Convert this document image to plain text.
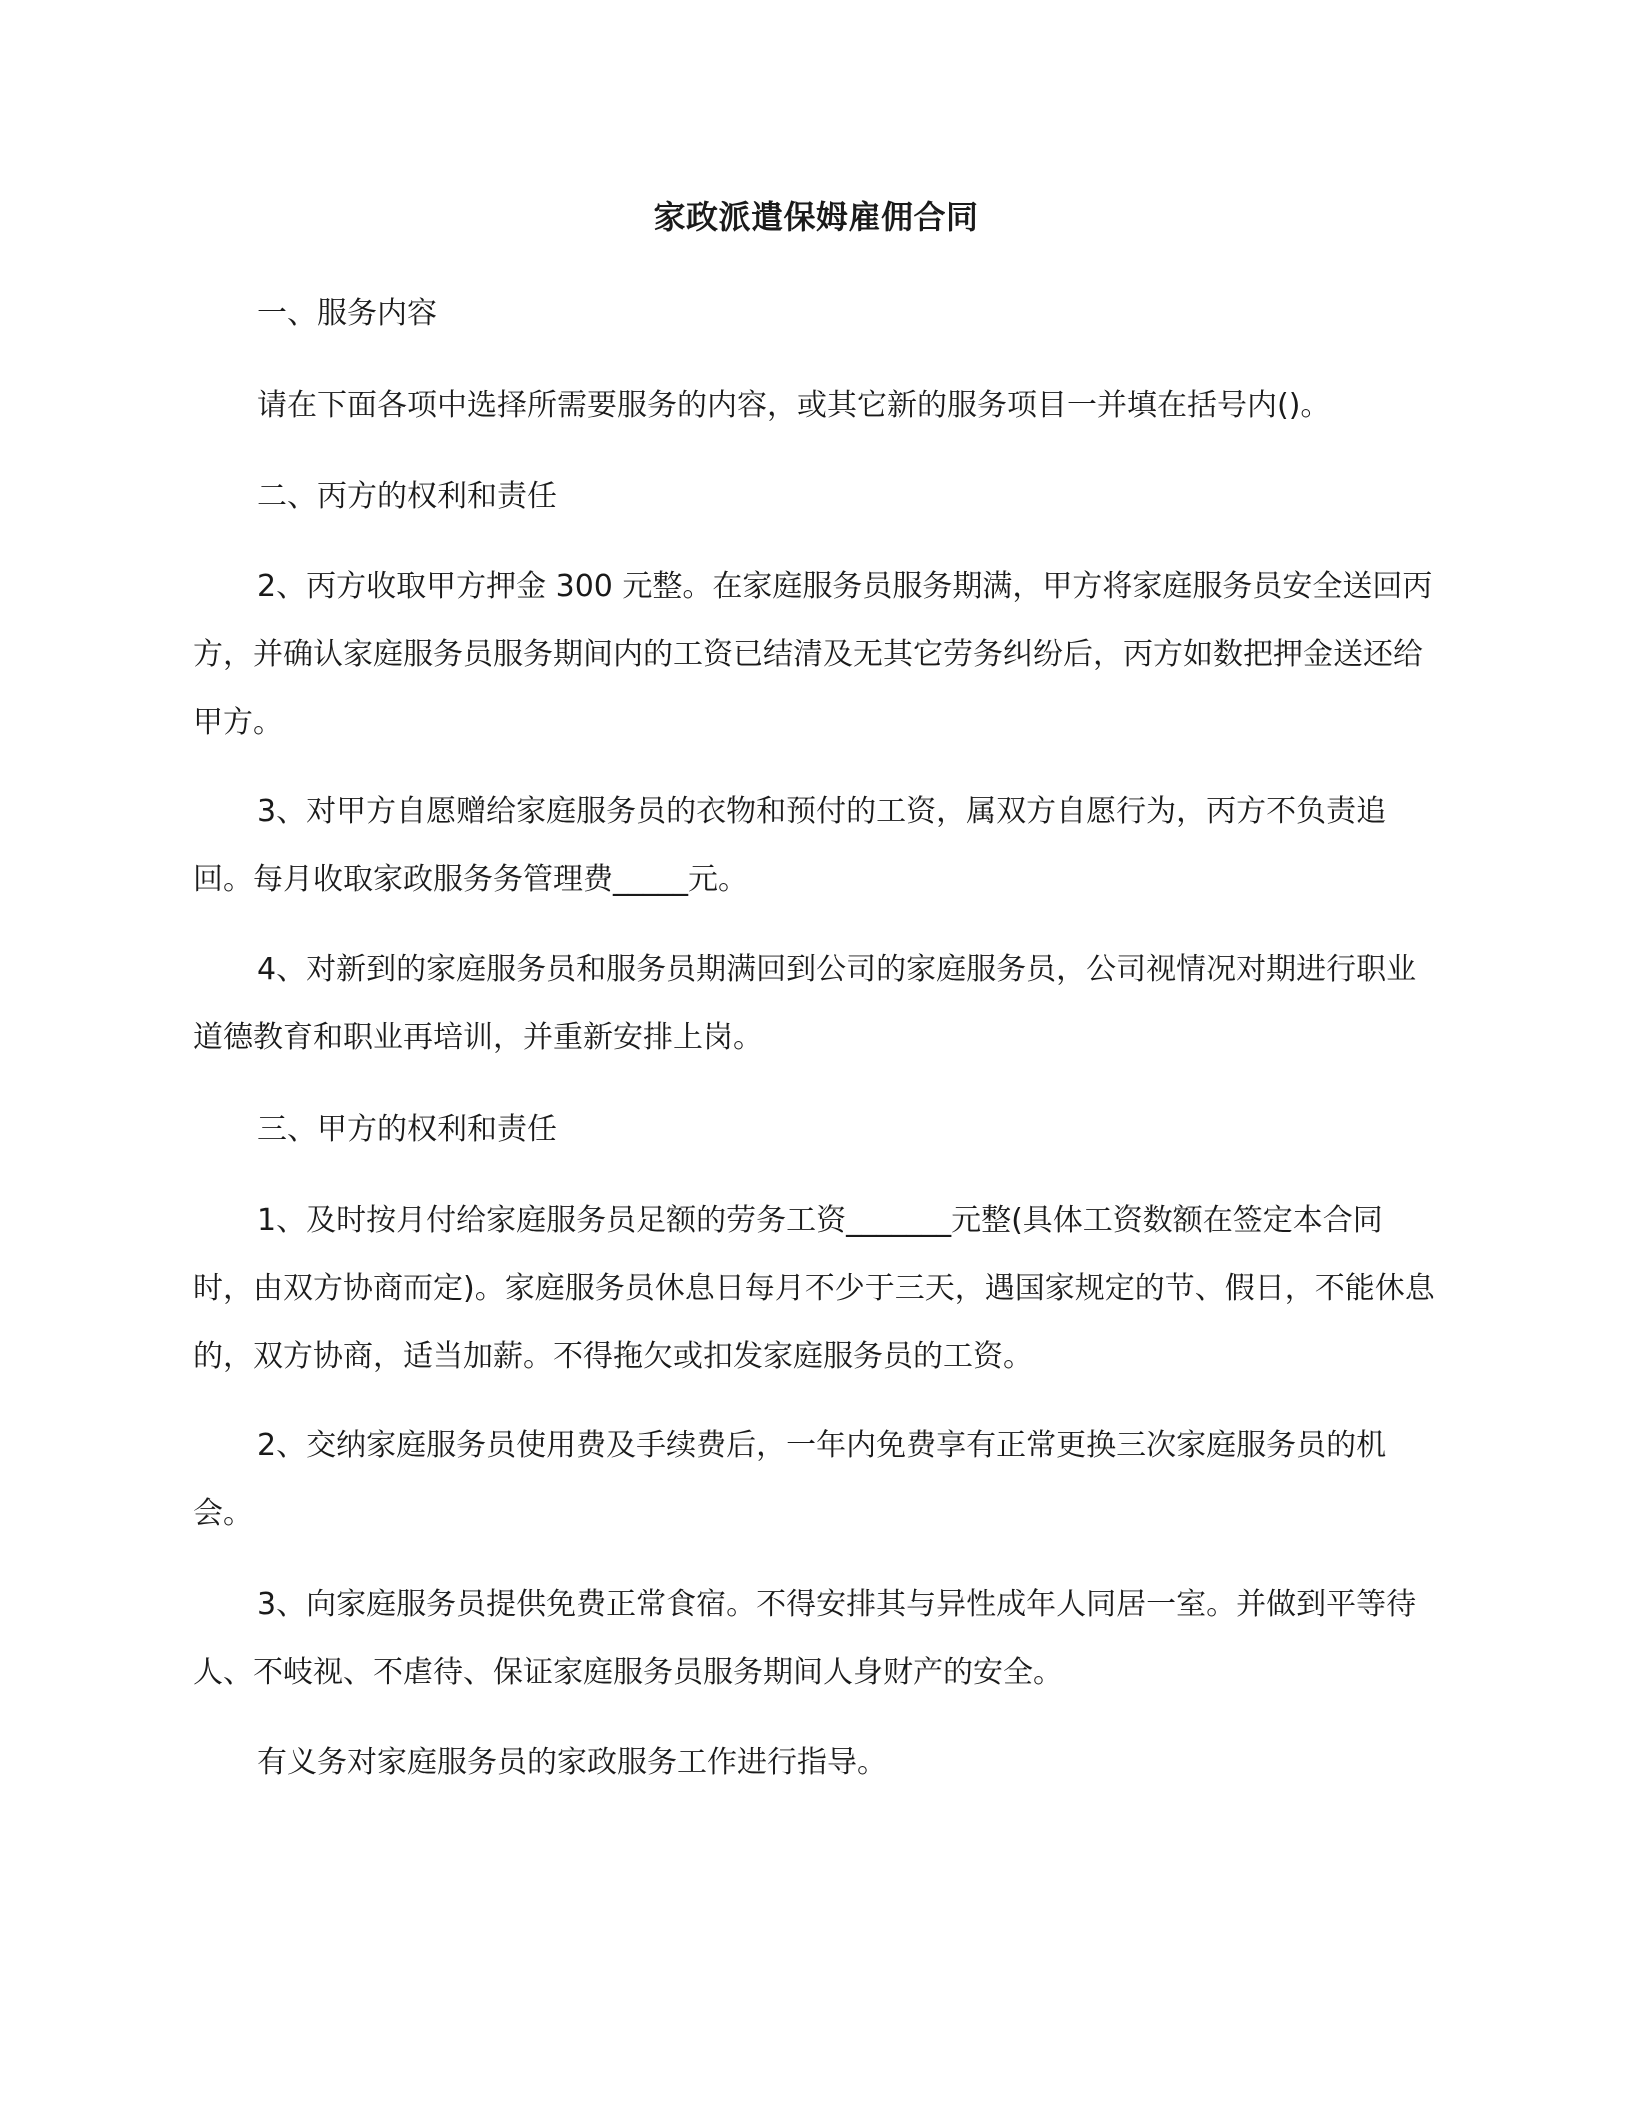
家政派遣保姆雇佣合同
一、服务内容

请在下面各项中选择所需要服务的内容，或其它新的服务项目一并填在括号内()。

二、丙方的权利和责任

2、丙方收取甲方押金 300 元整。在家庭服务员服务期满，甲方将家庭服务员安全送回丙方，并确认家庭服务员服务期间内的工资已结清及无其它劳务纠纷后，丙方如数把押金送还给甲方。

3、对甲方自愿赠给家庭服务员的衣物和预付的工资，属双方自愿行为，丙方不负责追回。每月收取家政服务务管理费_____元。

4、对新到的家庭服务员和服务员期满回到公司的家庭服务员，公司视情况对期进行职业道德教育和职业再培训，并重新安排上岗。

三、甲方的权利和责任

1、及时按月付给家庭服务员足额的劳务工资_______元整(具体工资数额在签定本合同时，由双方协商而定)。家庭服务员休息日每月不少于三天，遇国家规定的节、假日，不能休息的，双方协商，适当加薪。不得拖欠或扣发家庭服务员的工资。

2、交纳家庭服务员使用费及手续费后，一年内免费享有正常更换三次家庭服务员的机会。

3、向家庭服务员提供免费正常食宿。不得安排其与异性成年人同居一室。并做到平等待人、不岐视、不虐待、保证家庭服务员服务期间人身财产的安全。

有义务对家庭服务员的家政服务工作进行指导。
